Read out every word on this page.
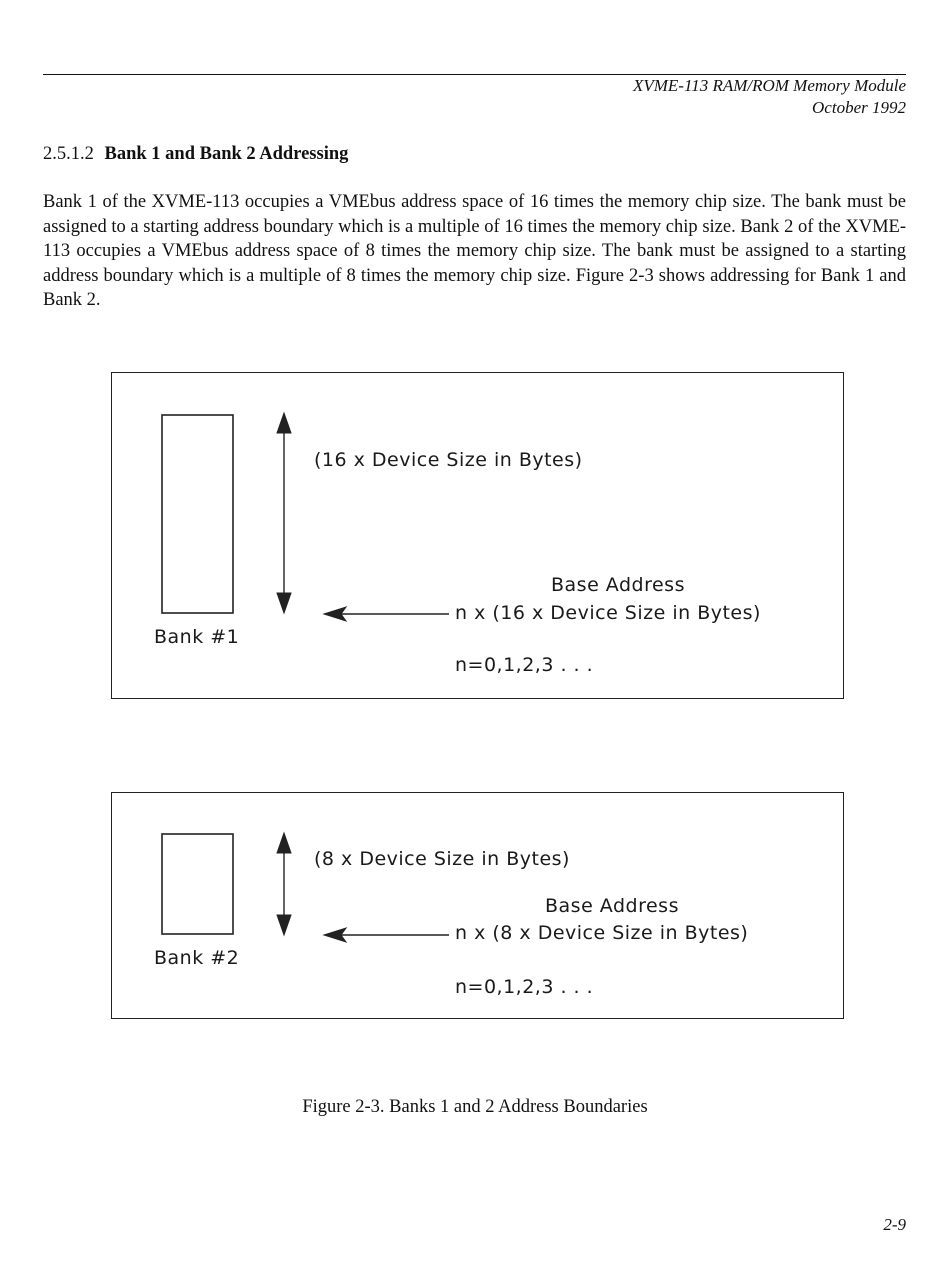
XVME-113 RAM/ROM Memory Module
October 1992
2.5.1.2 Bank 1 and Bank 2 Addressing
Bank 1 of the XVME-113 occupies a VMEbus address space of 16 times the memory chip size. The bank must be assigned to a starting address boundary which is a multiple of 16 times the memory chip size. Bank 2 of the XVME-113 occupies a VMEbus address space of 8 times the memory chip size. The bank must be assigned to a starting address boundary which is a multiple of 8 times the memory chip size. Figure 2-3 shows addressing for Bank 1 and Bank 2.
(16 x Device Size in Bytes)
Base Address
n x (16 x Device Size in Bytes)
Bank #1
n=0,1,2,3 . . .
(8 x Device Size in Bytes)
Base Address
n x (8 x Device Size in Bytes)
Bank #2
n=0,1,2,3 . . .
Figure 2-3. Banks 1 and 2 Address Boundaries
2-9
